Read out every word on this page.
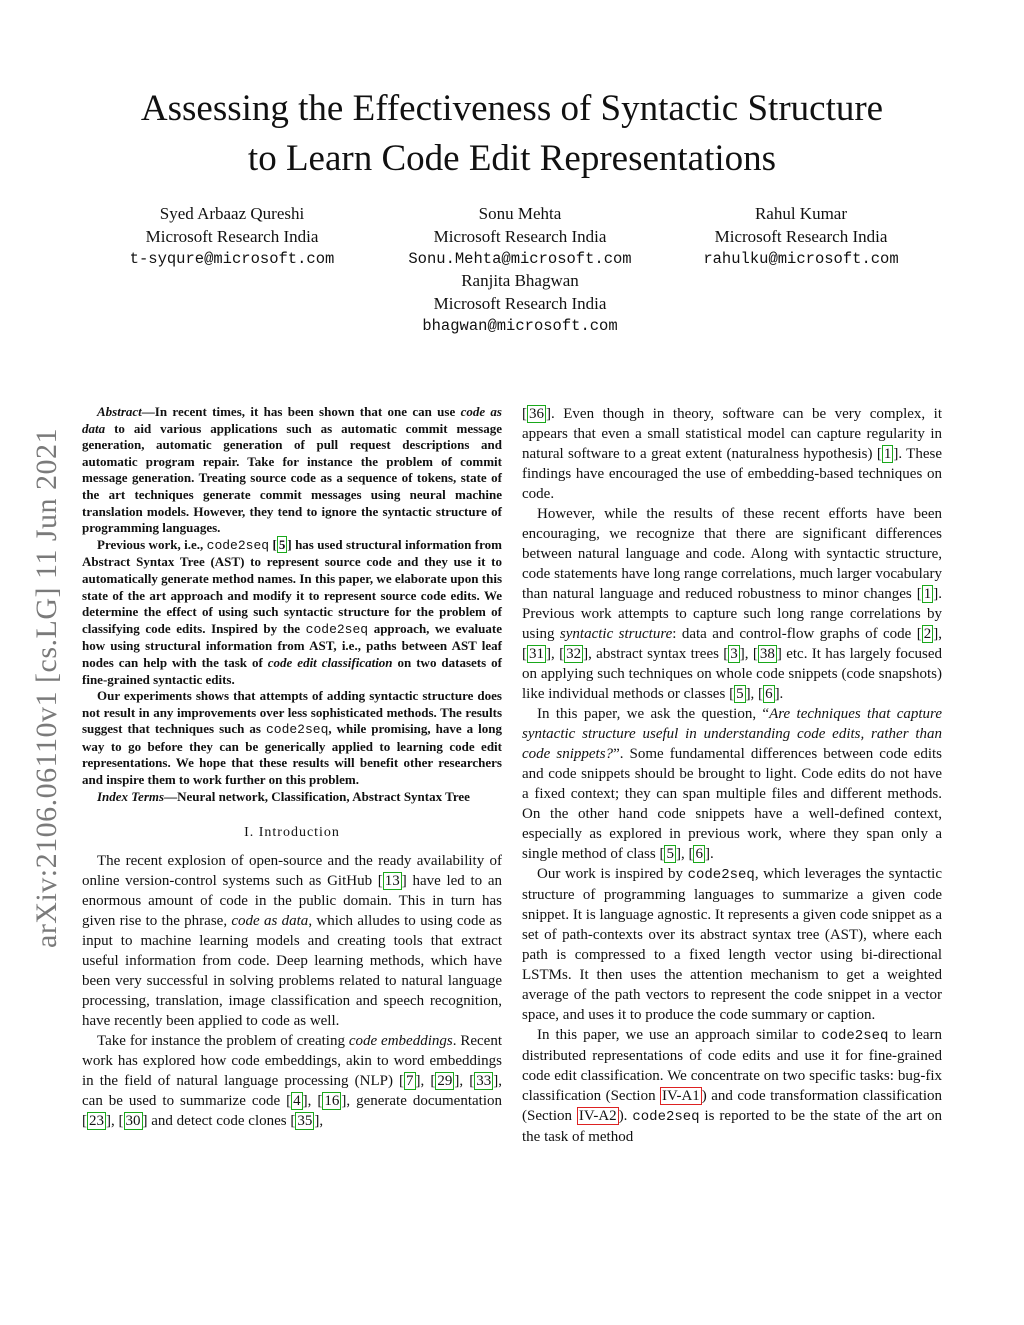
Assessing the Effectiveness of Syntactic Structure
to Learn Code Edit Representations
Syed Arbaaz Qureshi
Microsoft Research India
t-syqure@microsoft.com
Sonu Mehta
Microsoft Research India
Sonu.Mehta@microsoft.com
Rahul Kumar
Microsoft Research India
rahulku@microsoft.com
Ranjita Bhagwan
Microsoft Research India
bhagwan@microsoft.com
arXiv:2106.06110v1 [cs.LG] 11 Jun 2021

Abstract—In recent times, it has been shown that one can use code as data to aid various applications such as automatic commit message generation, automatic generation of pull request descriptions and automatic program repair. Take for instance the problem of commit message generation. Treating source code as a sequence of tokens, state of the art techniques generate commit messages using neural machine translation models. However, they tend to ignore the syntactic structure of programming languages.

Previous work, i.e., code2seq [ 5 ] has used structural information from Abstract Syntax Tree (AST) to represent source code and they use it to automatically generate method names. In this paper, we elaborate upon this state of the art approach and modify it to represent source code edits. We determine the effect of using such syntactic structure for the problem of classifying code edits. Inspired by the code2seq approach, we evaluate how using structural information from AST, i.e., paths between AST leaf nodes can help with the task of code edit classification on two datasets of fine-grained syntactic edits.

Our experiments shows that attempts of adding syntactic structure does not result in any improvements over less sophisticated methods. The results suggest that techniques such as code2seq, while promising, have a long way to go before they can be generically applied to learning code edit representations. We hope that these results will benefit other researchers and inspire them to work further on this problem.

Index Terms—Neural network, Classification, Abstract Syntax Tree

I. Introduction

The recent explosion of open-source and the ready availability of online version-control systems such as GitHub [ 13 ] have led to an enormous amount of code in the public domain. This in turn has given rise to the phrase, code as data, which alludes to using code as input to machine learning models and creating tools that extract useful information from code. Deep learning methods, which have been very successful in solving problems related to natural language processing, translation, image classification and speech recognition, have recently been applied to code as well.

Take for instance the problem of creating code embeddings. Recent work has explored how code embeddings, akin to word embeddings in the field of natural language processing (NLP) [ 7 ], [ 29 ], [ 33 ], can be used to summarize code [ 4 ], [ 16 ], generate documentation [ 23 ], [ 30 ] and detect code clones [ 35 ],

[ 36 ]. Even though in theory, software can be very complex, it appears that even a small statistical model can capture regularity in natural software to a great extent (naturalness hypothesis) [ 1 ]. These findings have encouraged the use of embedding-based techniques on code.

However, while the results of these recent efforts have been encouraging, we recognize that there are significant differences between natural language and code. Along with syntactic structure, code statements have long range correlations, much larger vocabulary than natural language and reduced robustness to minor changes [ 1 ]. Previous work attempts to capture such long range correlations by using syntactic structure: data and control-flow graphs of code [ 2 ], [ 31 ], [ 32 ], abstract syntax trees [ 3 ], [ 38 ] etc. It has largely focused on applying such techniques on whole code snippets (code snapshots) like individual methods or classes [ 5 ], [ 6 ].

In this paper, we ask the question, “Are techniques that capture syntactic structure useful in understanding code edits, rather than code snippets?”. Some fundamental differences between code edits and code snippets should be brought to light. Code edits do not have a fixed context; they can span multiple files and different methods. On the other hand code snippets have a well-defined context, especially as explored in previous work, where they span only a single method of class [ 5 ], [ 6 ].

Our work is inspired by code2seq, which leverages the syntactic structure of programming languages to summarize a given code snippet. It is language agnostic. It represents a given code snippet as a set of path-contexts over its abstract syntax tree (AST), where each path is compressed to a fixed length vector using bi-directional LSTMs. It then uses the attention mechanism to get a weighted average of the path vectors to represent the code snippet in a vector space, and uses it to produce the code summary or caption.

In this paper, we use an approach similar to code2seq to learn distributed representations of code edits and use it for fine-grained code edit classification. We concentrate on two specific tasks: bug-fix classification (Section IV-A1 ) and code transformation classification (Section IV-A2 ). code2seq is reported to be the state of the art on the task of method
